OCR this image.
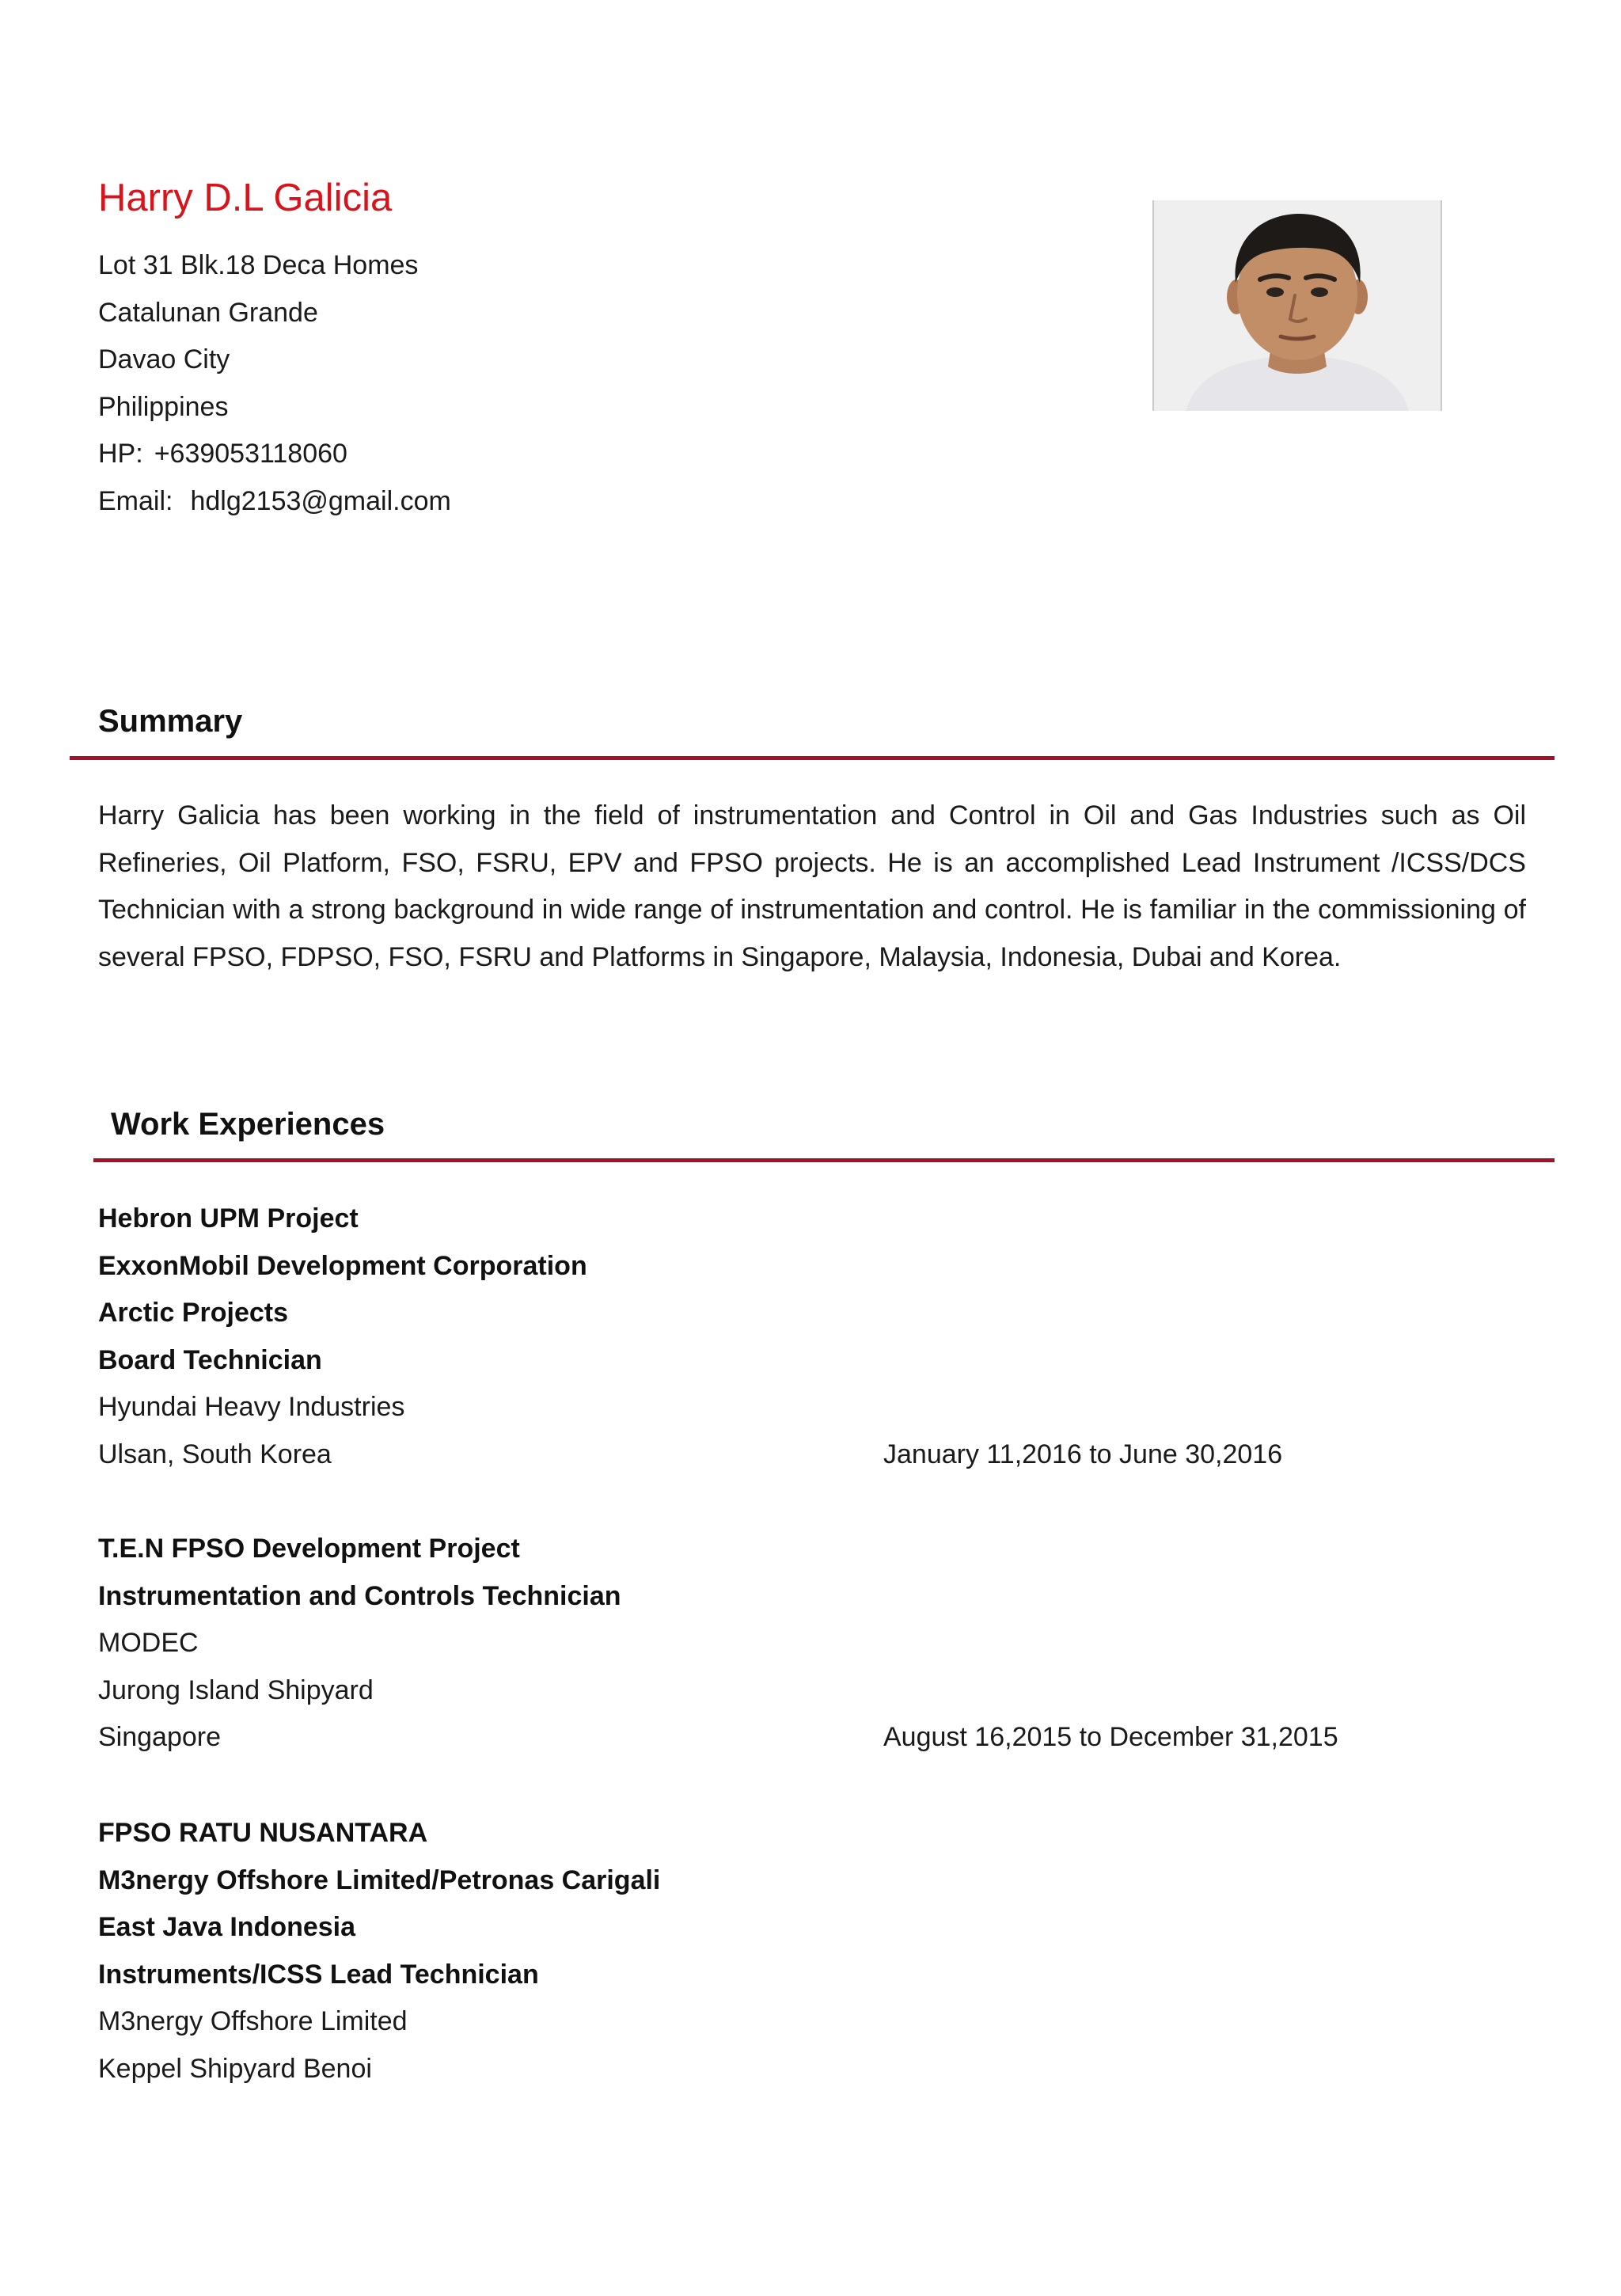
Harry D.L Galicia
Lot 31 Blk.18 Deca Homes
Catalunan Grande
Davao City
Philippines
HP: +639053118060
Email: hdlg2153@gmail.com
Summary
Harry Galicia has been working in the field of instrumentation and Control in Oil and Gas Industries such as Oil Refineries, Oil Platform, FSO, FSRU, EPV and FPSO projects. He is an accomplished Lead Instrument /ICSS/DCS Technician with a strong background in wide range of instrumentation and control. He is familiar in the commissioning of several FPSO, FDPSO, FSO, FSRU and Platforms in Singapore, Malaysia, Indonesia, Dubai and Korea.
Work Experiences
Hebron UPM Project
ExxonMobil Development Corporation
Arctic Projects
Board Technician
Hyundai Heavy Industries
Ulsan, South Korea	January 11,2016 to June 30,2016
T.E.N FPSO Development Project
Instrumentation and Controls Technician
MODEC
Jurong Island Shipyard
Singapore	August 16,2015 to December 31,2015
FPSO RATU NUSANTARA
M3nergy Offshore Limited/Petronas Carigali
East Java Indonesia
Instruments/ICSS Lead Technician
M3nergy Offshore Limited
Keppel Shipyard Benoi
